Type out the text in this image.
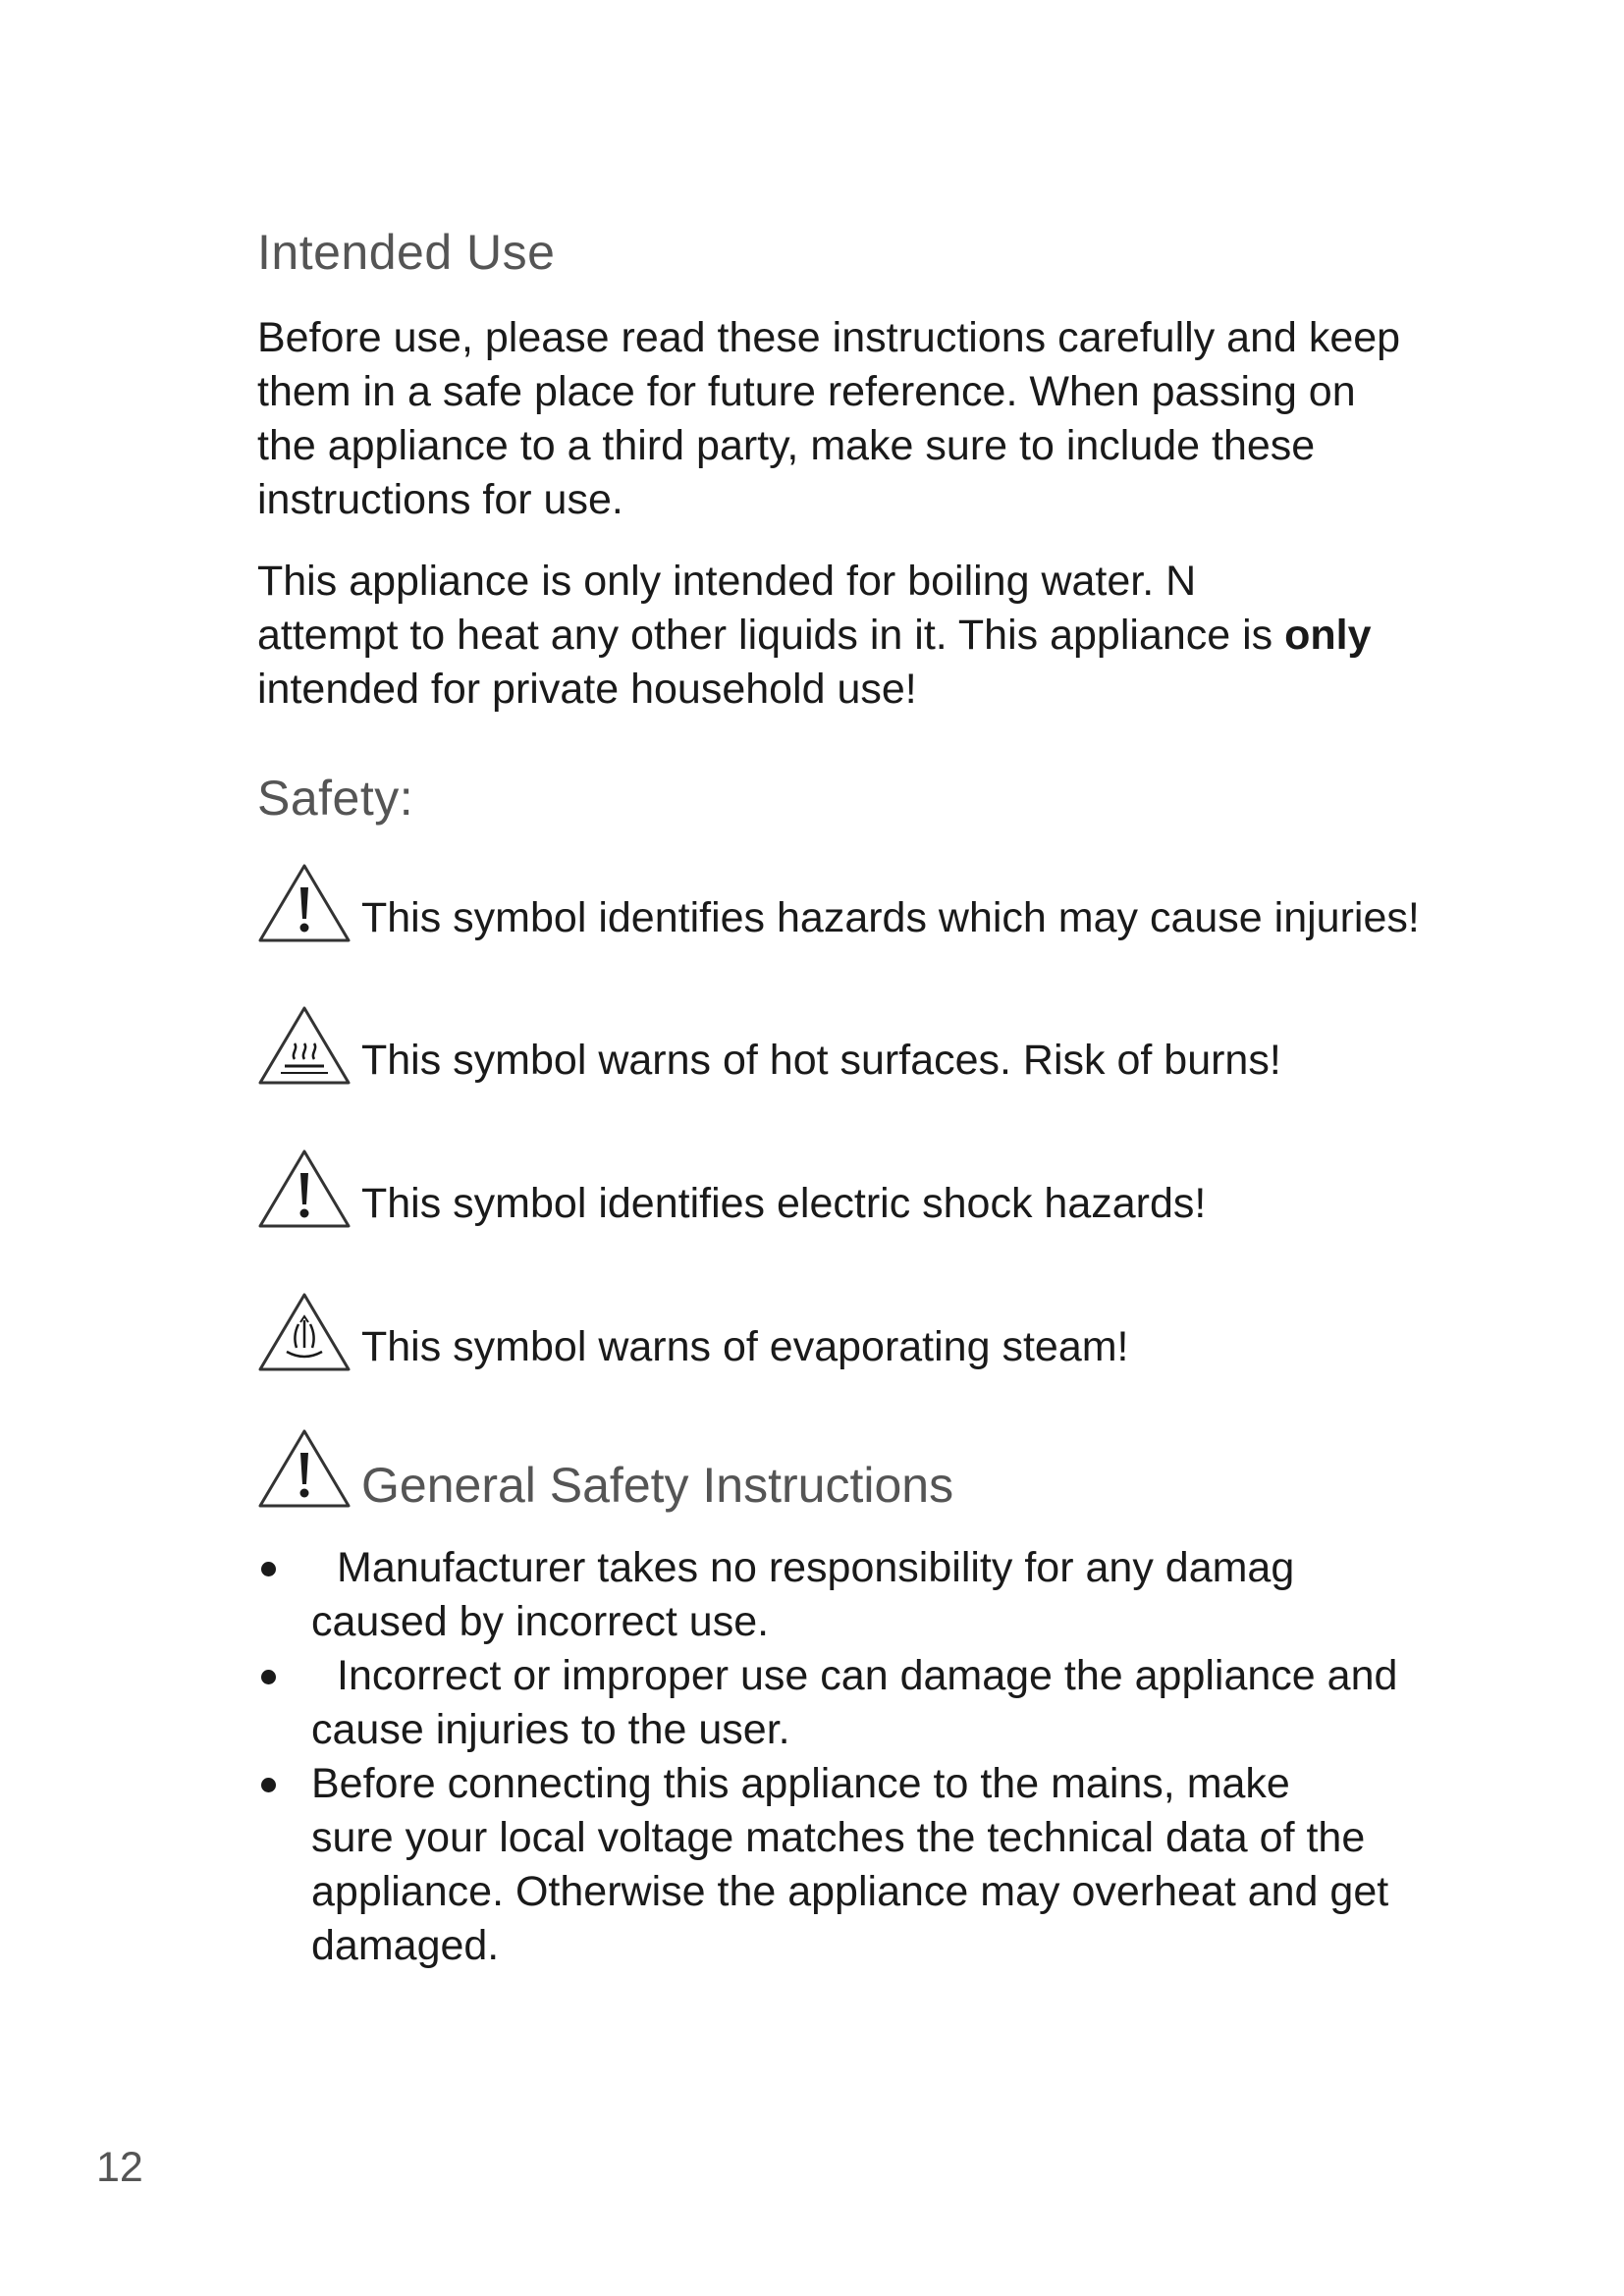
Intended Use
Before use, please read these instructions carefully and keep
them in a safe place for future reference. When passing on
the appliance to a third party, make sure to include these
instructions for use.
This appliance is only intended for boiling water. N
attempt to heat any other liquids in it. This appliance is only
intended for private household use!
Safety:
This symbol identifies hazards which may cause injuries!
This symbol warns of hot surfaces. Risk of burns!
This symbol identifies electric shock hazards!
This symbol warns of evaporating steam!
General Safety Instructions
Manufacturer takes no responsibility for any damag
caused by incorrect use.
Incorrect or improper use can damage the appliance and
cause injuries to the user.
Before connecting this appliance to the mains, make
sure your local voltage matches the technical data of the
appliance. Otherwise the appliance may overheat and get
damaged.
12
